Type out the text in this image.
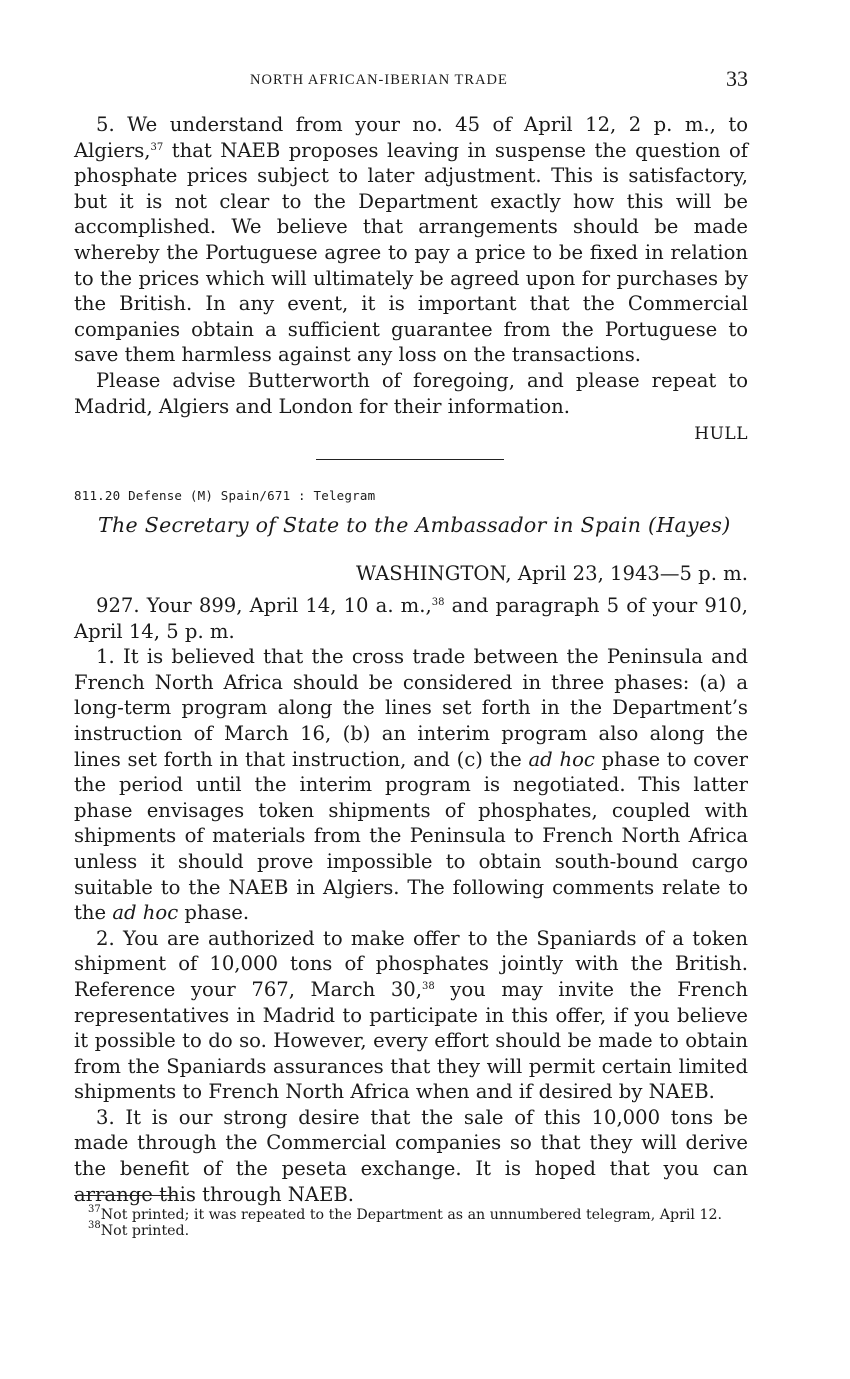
NORTH AFRICAN-IBERIAN TRADE	33

5. We understand from your no. 45 of April 12, 2 p. m., to Algiers,$^{37}$ that NAEB proposes leaving in suspense the question of phosphate prices subject to later adjustment. This is satisfactory, but it is not clear to the Department exactly how this will be accomplished. We believe that arrangements should be made whereby the Portuguese agree to pay a price to be fixed in relation to the prices which will ultimately be agreed upon for purchases by the British. In any event, it is important that the Commercial companies obtain a sufficient guarantee from the Portuguese to save them harmless against any loss on the transactions.

Please advise Butterworth of foregoing, and please repeat to Madrid, Algiers and London for their information.

HULL
811.20 Defense (M) Spain/671 : Telegram
The Secretary of State to the Ambassador in Spain (Hayes)
WASHINGTON, April 23, 1943—5 p. m.

927. Your 899, April 14, 10 a. m.,$^{38}$ and paragraph 5 of your 910, April 14, 5 p. m.

1. It is believed that the cross trade between the Peninsula and French North Africa should be considered in three phases: (a) a long-term program along the lines set forth in the Department’s instruction of March 16, (b) an interim program also along the lines set forth in that instruction, and (c) the ad hoc phase to cover the period until the interim program is negotiated. This latter phase envisages token shipments of phosphates, coupled with shipments of materials from the Peninsula to French North Africa unless it should prove impossible to obtain south-bound cargo suitable to the NAEB in Algiers. The following comments relate to the ad hoc phase.

2. You are authorized to make offer to the Spaniards of a token shipment of 10,000 tons of phosphates jointly with the British. Reference your 767, March 30,38 you may invite the French representatives in Madrid to participate in this offer, if you believe it possible to do so. However, every effort should be made to obtain from the Spaniards assurances that they will permit certain limited shipments to French North Africa when and if desired by NAEB.

3. It is our strong desire that the sale of this 10,000 tons be made through the Commercial companies so that they will derive the benefit of the peseta exchange. It is hoped that you can arrange this through NAEB.

$^{37}$Not printed; it was repeated to the Department as an unnumbered telegram, April 12.

$^{38}$Not printed.
